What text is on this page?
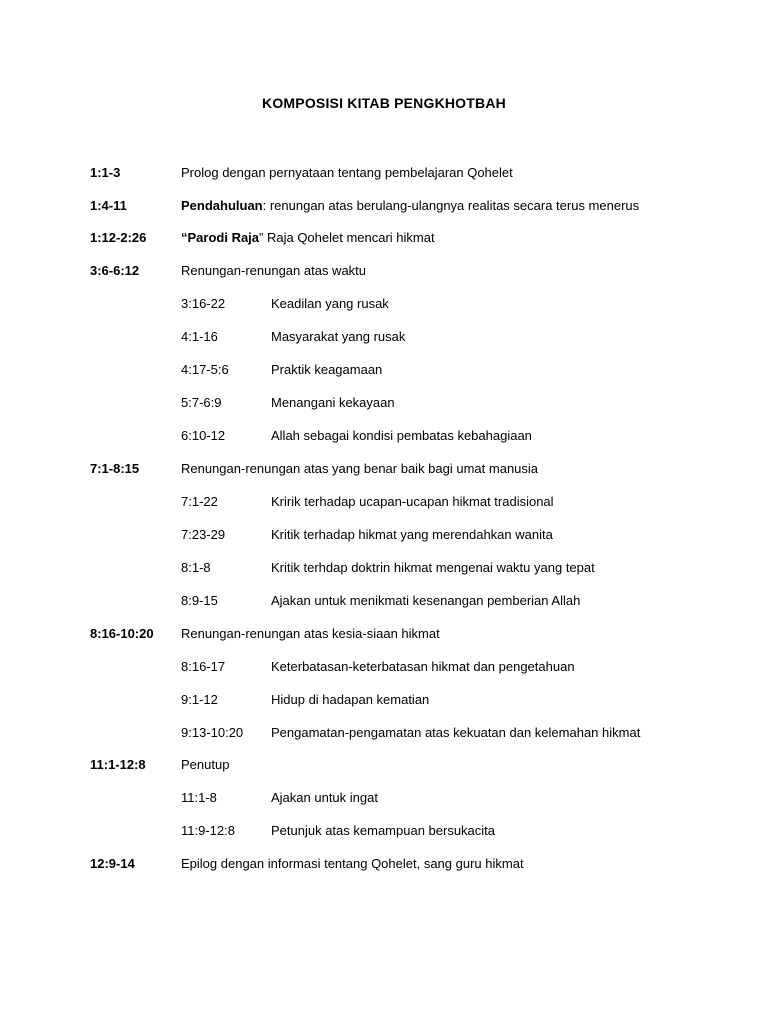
KOMPOSISI KITAB PENGKHOTBAH
1:1-3	Prolog dengan pernyataan tentang pembelajaran Qohelet
1:4-11	Pendahuluan: renungan atas berulang-ulangnya realitas secara terus menerus
1:12-2:26	“Parodi Raja” Raja Qohelet mencari hikmat
3:6-6:12	Renungan-renungan atas waktu
3:16-22	Keadilan yang rusak
4:1-16	Masyarakat yang rusak
4:17-5:6	Praktik keagamaan
5:7-6:9	Menangani kekayaan
6:10-12	Allah sebagai kondisi pembatas kebahagiaan
7:1-8:15	Renungan-renungan atas yang benar baik bagi umat manusia
7:1-22	Kririk terhadap ucapan-ucapan hikmat tradisional
7:23-29	Kritik terhadap hikmat yang merendahkan wanita
8:1-8	Kritik terhdap doktrin hikmat mengenai waktu yang tepat
8:9-15	Ajakan untuk menikmati kesenangan pemberian Allah
8:16-10:20 Renungan-renungan atas kesia-siaan hikmat
8:16-17	Keterbatasan-keterbatasan hikmat dan pengetahuan
9:1-12	Hidup di hadapan kematian
9:13-10:20 Pengamatan-pengamatan atas kekuatan dan kelemahan hikmat
11:1-12:8	Penutup
11:1-8	Ajakan untuk ingat
11:9-12:8	Petunjuk atas kemampuan bersukacita
12:9-14	Epilog dengan informasi tentang Qohelet, sang guru hikmat
